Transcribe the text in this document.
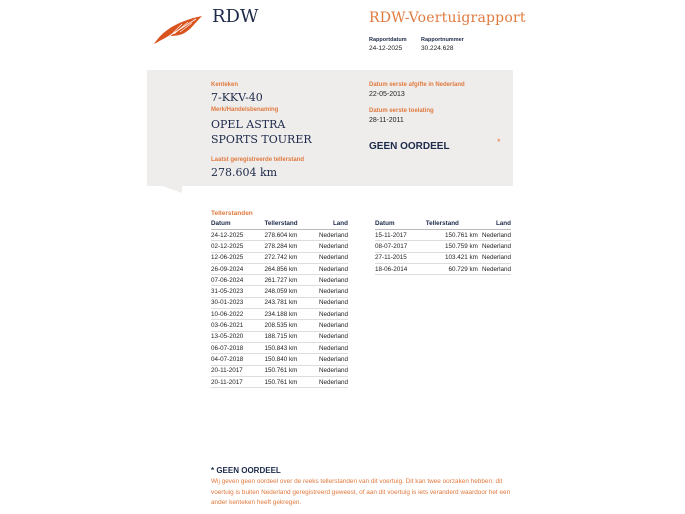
RDW	RDW-Voertuigrapport
Rapportdatum
24-12-2025
Rapportnummer
30.224.628
Kenteken
7-KKV-40
Merk/Handelsbenaming
OPEL ASTRA
SPORTS TOURER
Laatst geregistreerde tellerstand
278.604 km
Datum eerste afgifte in Nederland
22-05-2013
Datum eerste toelating
28-11-2011
GEEN OORDEEL	*
Tellerstanden
Datum	Tellerstand	Land
24-12-2025	278.604 km	Nederland
02-12-2025	278.284 km	Nederland
12-06-2025	272.742 km	Nederland
26-09-2024	264.856 km	Nederland
07-06-2024	261.727 km	Nederland
31-05-2023	248.059 km	Nederland
30-01-2023	243.781 km	Nederland
10-06-2022	234.188 km	Nederland
03-06-2021	208.535 km	Nederland
13-05-2020	188.715 km	Nederland
06-07-2018	150.843 km	Nederland
04-07-2018	150.840 km	Nederland
20-11-2017	150.761 km	Nederland
20-11-2017	150.761 km	Nederland
Datum	Tellerstand	Land
15-11-2017	150.761 km	Nederland
08-07-2017	150.759 km	Nederland
27-11-2015	103.421 km	Nederland
18-06-2014	60.729 km	Nederland
* GEEN OORDEEL
Wij geven geen oordeel over de reeks tellerstanden van dit voertuig. Dit kan twee oorzaken hebben: dit voertuig is buiten Nederland geregistreerd geweest, of aan dit voertuig is iets veranderd waardoor het een ander kenteken heeft gekregen.
